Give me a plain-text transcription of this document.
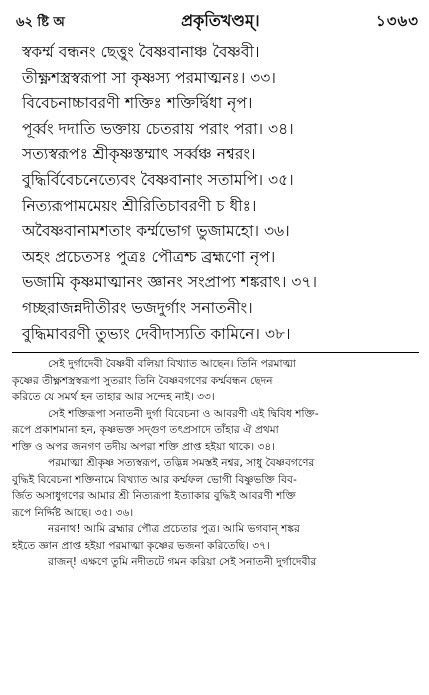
৬২ ষ্টি অ	প্রকৃতিখণ্ডম্।	১৩৬৩
স্বকর্ম্ম বন্ধনং ছেত্তুং বৈষ্ণবানাঞ্চ বৈষ্ণবী।
তীক্ষ্ণশস্ত্রস্বরূপা সা কৃষ্ণস্য পরমাত্মনঃ। ৩৩।
বিবেচনাচ্চাবরণী শক্তিঃ শক্তির্দ্বিধা নৃপ।
পূর্ব্বং দদাতি ভক্তায় চেতরায় পরাং পরা। ৩৪।
সত্যস্বরূপঃ শ্রীকৃষ্ণস্তম্মাৎ সর্ব্বঞ্চ নশ্বরং।
বুদ্ধির্বিবেচনেত্যেবং বৈষ্ণবানাং সতামপি। ৩৫।
নিত্যরূপামমেয়ং শ্রীরিতিচাবরণী চ ধীঃ।
অবৈষ্ণবানামশতাং কর্ম্মভোগ ভুজামহো। ৩৬।
অহং প্রচেতসঃ পুত্রঃ পৌত্রশ্চ ব্রহ্মণো নৃপ।
ভজামি কৃষ্ণমাত্মানং জ্ঞানং সংপ্রাপ্য শঙ্করাৎ। ৩৭।
গচ্ছরাজন্নদীতীরং ভজদুর্গাং সনাতনীং।
বুদ্ধিমাবরণী তুভ্যং দেবীদাস্যতি কামিনে। ৩৮।
সেই দুর্গাদেবী বৈষ্ণবী বলিয়া বিখ্যাত আছেন। তিনি পরমাত্মা
কৃষ্ণের তীক্ষ্ণশস্ত্রস্বরূপা সুতরাং তিনি বৈষ্ণবগণের কর্ম্মবন্ধন ছেদন
করিতে যে সমর্থ হন তাহার আর সন্দেহ নাই। ৩৩।
সেই শক্তিরূপা সনাতনী দুর্গা বিবেচনা ও আবরণী এই দ্বিবিধ শক্তি-
রূপে প্রকাশমানা হন, কৃষ্ণভক্ত সদ্গুণ তৎপ্রসাদে তাঁহার ঐ প্রথমা
শক্তি ও অপর জনগণ তদীয় অপরা শক্তি প্রাপ্ত হইয়া থাকে। ৩৪।
পরমাত্মা শ্রীকৃষ্ণ সত্যস্বরূপ, তদ্ভিন্ন সমস্তই নশ্বর, সাধু বৈষ্ণবগণের
বুদ্ধিই বিবেচনা শক্তিনামে বিখ্যাত আর কর্ম্মফল ভোগী বিষ্ণুভক্তি বিব-
র্জিত অসাধুগণের আমার শ্রী নিত্যরূপা ইত্যাকার বুদ্ধিই আবরণী শক্তি
রূপে নির্দ্দিষ্ট আছে। ৩৫। ৩৬।
নরনাথ! আমি ব্রহ্মার পৌত্র প্রচেতার পুত্র। আমি ভগবান্ শঙ্কর
হইতে জ্ঞান প্রাপ্ত হইয়া পরমাত্মা কৃষ্ণের ভজনা করিতেছি। ৩৭।
রাজন্! এক্ষণে তুমি নদীতটে গমন করিয়া সেই সনাতনী দুর্গাদেবীর
